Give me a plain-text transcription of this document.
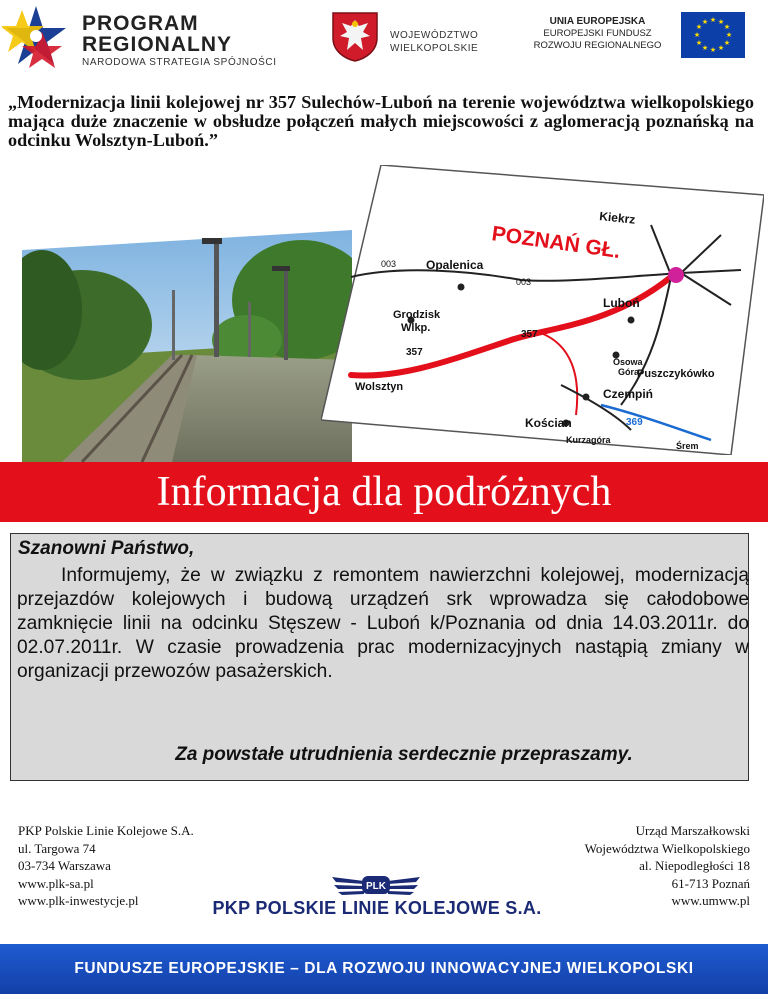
PROGRAM
REGIONALNY
NARODOWA STRATEGIA SPÓJNOŚCI
WOJEWÓDZTWO
WIELKOPOLSKIE
UNIA EUROPEJSKA
EUROPEJSKI FUNDUSZ
ROZWOJU REGIONALNEGO
★ ★
★
★
★
★
★
★
★
★
★
★
„Modernizacja linii kolejowej nr 357 Sulechów-Luboń na terenie województwa wielkopolskiego mająca duże znaczenie w obsłudze połączeń małych miejscowości z aglomeracją poznańską na odcinku Wolsztyn-Luboń.”
POZNAŃ GŁ.
Kiekrz
Opalenica
Grodzisk
Wlkp.
Luboń
Wolsztyn
Puszczykówko
Czempiń
Kościan
Kurzagóra
Śrem
Osowa
Góra
003
003
357
357
369
Informacja dla podróżnych
Szanowni Państwo,
Informujemy, że w związku z remontem nawierzchni kolejowej, modernizacją przejazdów kolejowych i budową urządzeń srk wprowadza się całodobowe zamknięcie linii na odcinku Stęszew - Luboń k/Poznania od dnia 14.03.2011r. do 02.07.2011r. W czasie prowadzenia prac modernizacyjnych nastąpią zmiany w organizacji przewozów pasażerskich.
Za powstałe utrudnienia serdecznie przepraszamy.
PKP Polskie Linie Kolejowe S.A.
ul. Targowa 74
03-734 Warszawa
www.plk-sa.pl
www.plk-inwestycje.pl
Urząd Marszałkowski
Województwa Wielkopolskiego
al. Niepodległości 18
61-713 Poznań
www.umww.pl
PLK
PKP POLSKIE LINIE KOLEJOWE S.A.
FUNDUSZE EUROPEJSKIE – DLA ROZWOJU INNOWACYJNEJ WIELKOPOLSKI
